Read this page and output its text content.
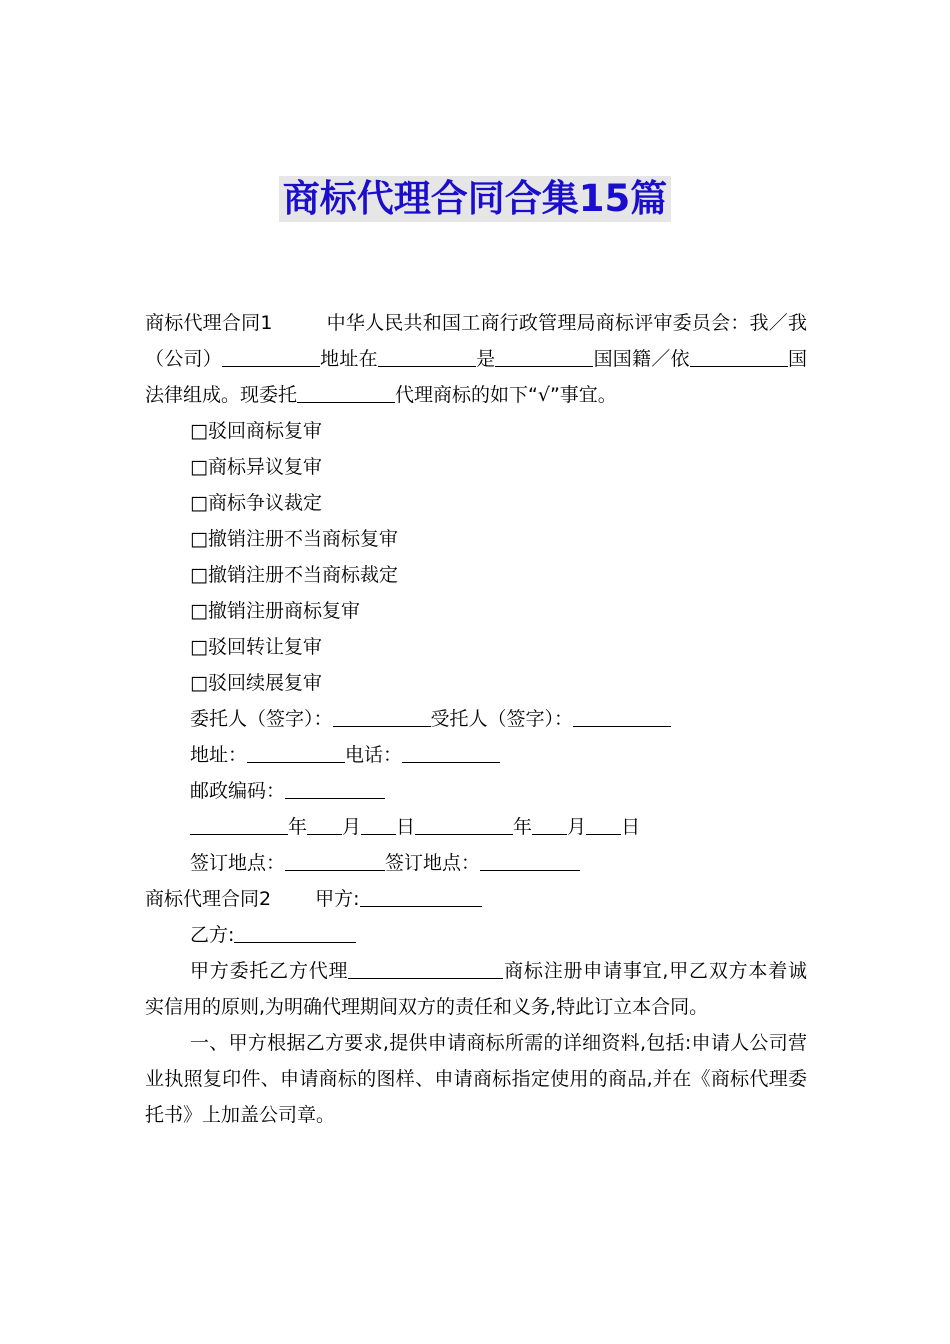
商标代理合同合集15篇

商标代理合同1	中华人民共和国工商行政管理局商标评审委员会：我／我（公司）	地址在	是	国国籍／依	国法律组成。现委托	代理商标的如下“√”事宜。

□驳回商标复审

□商标异议复审

□商标争议裁定

□撤销注册不当商标复审

□撤销注册不当商标裁定

□撤销注册商标复审

□驳回转让复审

□驳回续展复审

委托人（签字）：	受托人（签字）：

地址：	电话：

邮政编码：

年 月 日	年 月 日

签订地点：	签订地点：

商标代理合同2 甲方:

乙方:

甲方委托乙方代理	商标注册申请事宜,甲乙双方本着诚实信用的原则,为明确代理期间双方的责任和义务,特此订立本合同。

一、甲方根据乙方要求,提供申请商标所需的详细资料,包括:申请人公司营业执照复印件、申请商标的图样、申请商标指定使用的商品,并在《商标代理委托书》上加盖公司章。
